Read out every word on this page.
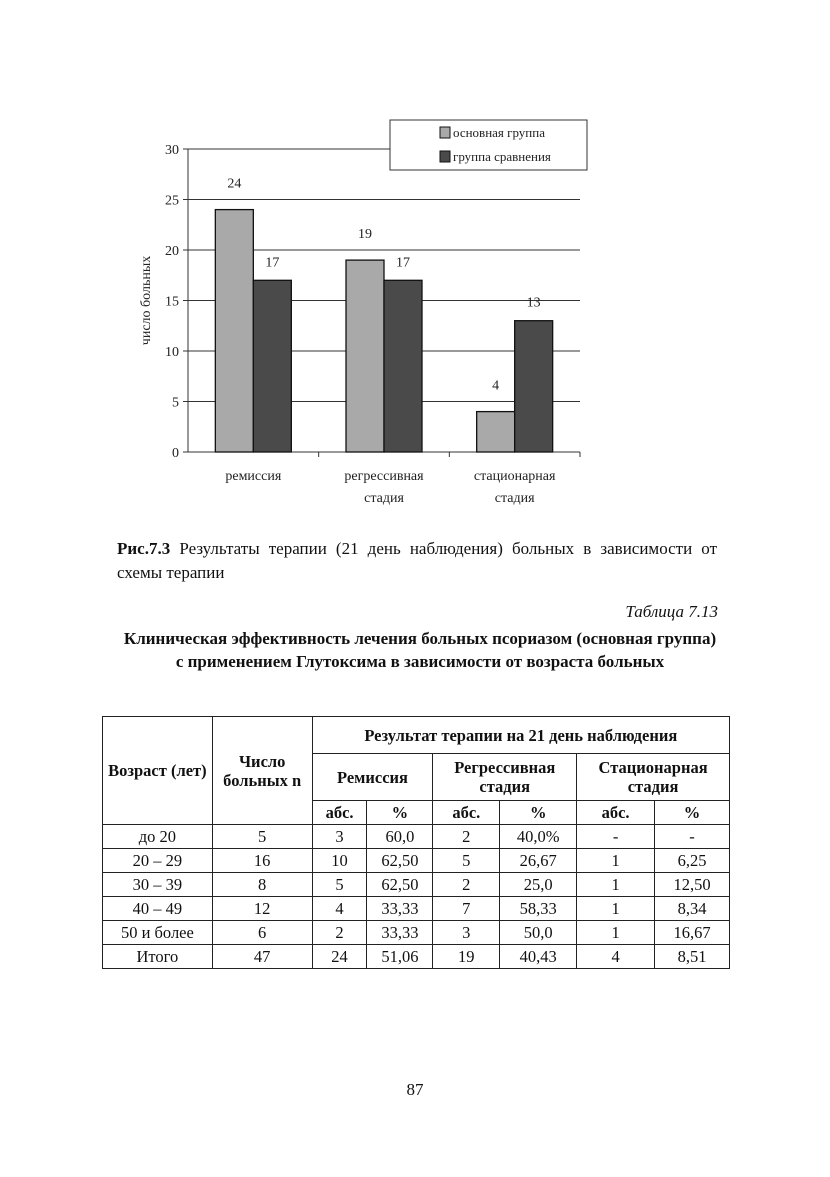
0
5
10
15
20
25
30
число больных
24
17
ремиссия
19
17
регрессивная
стадия
4
13
стационарная
стадия
основная группа
группа сравнения
Рис.7.3 Результаты терапии (21 день наблюдения) больных в зависимости от схемы терапии
Таблица 7.13
Клиническая эффективность лечения больных псориазом (основная группа) с применением Глутоксима в зависимости от возраста больных
Возраст (лет)	Число больных n	Результат терапии на 21 день наблюдения					
		Ремиссия		Регрессивная стадия		Стационарная стадия	
		абс.	%	абс.	%	абс.	%
до 20	5	3	60,0	2	40,0%	-	-
20 – 29	16	10	62,50	5	26,67	1	6,25
30 – 39	8	5	62,50	2	25,0	1	12,50
40 – 49	12	4	33,33	7	58,33	1	8,34
50 и более	6	2	33,33	3	50,0	1	16,67
Итого	47	24	51,06	19	40,43	4	8,51
87
